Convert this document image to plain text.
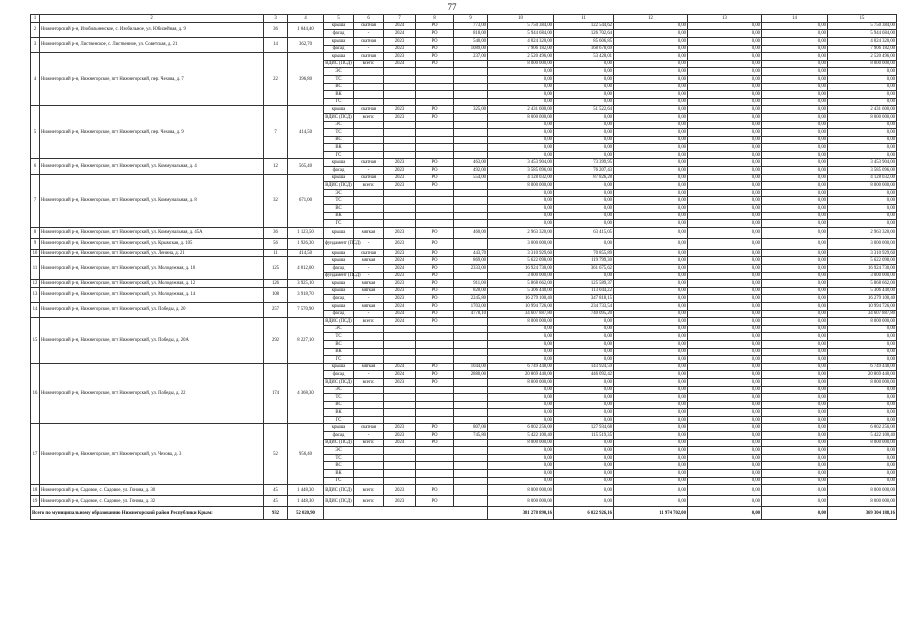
77
1	2	3	4	5	6	7	8	9	10	11	12	13	14	15
2	Нижнегорский р-н, Изобильненское, с. Изобильное, ул. Юбилейная, д. 9	36	1 044,40	крыша	скатная	2024	РО	773,00	5 750 384,00	122 544,62	0,00	0,00	0,00	5 750 384,00
				фасад	-	2024	РО	818,00	5 944 684,00	126 702,64	0,00	0,00	0,00	5 944 684,00
3	Нижнегорский р-н, Лиственское, с. Лиственное, ул. Советская, д. 21	14	362,70	крыша	скатная	2023	РО	540,00	4 024 320,00	85 606,85	0,00	0,00	0,00	4 024 320,00
				фасад	-	2023	РО	1089,00	7 906 182,00	168 678,69	0,00	0,00	0,00	7 906 182,00
4	Нижнегорский р-н, Нижнегорское, пгт Нижнегорский, пер. Чехова, д. 7	22	396,80	крыша	скатная	2023	РО	237,00	2 520 496,00	53 428,01	0,00	0,00	0,00	2 520 496,00
				ВДИС (ПСД)	всего:	2024	РО		8 000 000,00	0,00	0,00	0,00	0,00	8 000 000,00
				ЭС					0,00	0,00	0,00	0,00	0,00	0,00
				ТС					0,00	0,00	0,00	0,00	0,00	0,00
				ВС					0,00	0,00	0,00	0,00	0,00	0,00
				ВК					0,00	0,00	0,00	0,00	0,00	0,00
				ГС					0,00	0,00	0,00	0,00	0,00	0,00
5	Нижнегорский р-н, Нижнегорское, пгт Нижнегорский, пер. Чехова, д. 9	7	414,50	крыша	скатная	2023	РО	325,00	2 431 600,00	51 522,64	0,00	0,00	0,00	2 431 600,00
				ВДИС (ПСД)	всего:	2023	РО		8 000 000,00	0,00	0,00	0,00	0,00	8 000 000,00
				ЭС					0,00	0,00	0,00	0,00	0,00	0,00
				ТС					0,00	0,00	0,00	0,00	0,00	0,00
				ВС					0,00	0,00	0,00	0,00	0,00	0,00
				ВК					0,00	0,00	0,00	0,00	0,00	0,00
				ГС					0,00	0,00	0,00	0,00	0,00	0,00
6	Нижнегорский р-н, Нижнегорское, пгт Нижнегорский, ул. Коммунальная, д. 4	12	565,40	крыша	скатная	2023	РО	463,00	3 453 904,00	73 399,95	0,00	0,00	0,00	3 453 904,00
				фасад	-	2023	РО	492,00	3 585 096,00	76 207,43	0,00	0,00	0,00	3 585 096,00
7	Нижнегорский р-н, Нижнегорское, пгт Нижнегорский, ул. Коммунальная, д. 8	32	671,00	крыша	скатная	2023	РО	554,00	4 128 032,00	87 826,28	0,00	0,00	0,00	4 128 032,00
				ВДИС (ПСД)	всего:	2023	РО		8 000 000,00	0,00	0,00	0,00	0,00	8 000 000,00
				ЭС					0,00	0,00	0,00	0,00	0,00	0,00
				ТС					0,00	0,00	0,00	0,00	0,00	0,00
				ВС					0,00	0,00	0,00	0,00	0,00	0,00
				ВК					0,00	0,00	0,00	0,00	0,00	0,00
				ГС					0,00	0,00	0,00	0,00	0,00	0,00
8	Нижнегорский р-н, Нижнегорское, пгт Нижнегорский, ул. Коммунальная, д. 45А	36	1 123,50	крыша	мягкая	2023	РО	460,00	2 963 320,00	63 415,05	0,00	0,00	0,00	2 963 320,00
9	Нижнегорский р-н, Нижнегорское, пгт Нижнегорский, ул. Крымская, д. 105	56	1 926,30	фундамент (ПСД)	-	2023	РО		3 000 000,00	0,00	0,00	0,00	0,00	3 000 000,00
10	Нижнегорский р-н, Нижнегорское, пгт Нижнегорский, ул. Ленина, д. 21	11	414,50	крыша	скатная	2023	РО	443,70	3 310 929,60	70 855,89	0,00	0,00	0,00	3 310 929,60
11	Нижнегорский р-н, Нижнегорское, пгт Нижнегорский, ул. Молодежная, д. 10	125	4 012,00	крыша	мягкая	2024	РО	869,00	5 622 098,00	119 799,30	0,00	0,00	0,00	5 622 098,00
				фасад	-	2024	РО	2333,00	16 924 730,00	361 675,62	0,00	0,00	0,00	16 924 730,00
				фундамент (ПСД)	-	2023	РО		3 000 000,00	0,00	0,00	0,00	0,00	3 000 000,00
12	Нижнегорский р-н, Нижнегорское, пгт Нижнегорский, ул. Молодежная, д. 12	126	3 925,10	крыша	мягкая	2023	РО	911,00	5 868 662,00	125 589,37	0,00	0,00	0,00	5 868 662,00
13	Нижнегорский р-н, Нижнегорское, пгт Нижнегорский, ул. Молодежная, д. 14	108	3 918,70	крыша	мягкая	2023	РО	820,00	5 306 440,00	113 044,22	0,00	0,00	0,00	5 306 440,00
				фасад	-	2023	РО	2245,80	16 279 100,40	347 818,15	0,00	0,00	0,00	16 279 100,40
14	Нижнегорский р-н, Нижнегорское, пгт Нижнегорский, ул. Победы, д. 20	257	7 570,90	крыша	мягкая	2024	РО	1703,00	10 994 726,00	234 733,54	0,00	0,00	0,00	10 994 726,00
				фасад	-	2024	РО	4778,10	34 607 887,80	740 095,20	0,00	0,00	0,00	34 607 887,80
15	Нижнегорский р-н, Нижнегорское, пгт Нижнегорский, ул. Победы, д. 20А	292	8 227,10	ВДИС (ПСД)	всего:	2024	РО		8 000 000,00	0,00	0,00	0,00	0,00	8 000 000,00
				ЭС					0,00	0,00	0,00	0,00	0,00	0,00
				ТС					0,00	0,00	0,00	0,00	0,00	0,00
				ВС					0,00	0,00	0,00	0,00	0,00	0,00
				ВК					0,00	0,00	0,00	0,00	0,00	0,00
				ГС					0,00	0,00	0,00	0,00	0,00	0,00
16	Нижнегорский р-н, Нижнегорское, пгт Нижнегорский, ул. Победы, д. 22	174	4 368,30	крыша	мягкая	2024	РО	1044,00	6 749 448,00	143 924,59	0,00	0,00	0,00	6 749 448,00
				фасад	-	2024	РО	2880,00	20 869 440,00	446 092,42	0,00	0,00	0,00	20 869 440,00
				ВДИС (ПСД)	всего:	2023	РО		8 000 000,00	0,00	0,00	0,00	0,00	8 000 000,00
				ЭС					0,00	0,00	0,00	0,00	0,00	0,00
				ТС					0,00	0,00	0,00	0,00	0,00	0,00
				ВС					0,00	0,00	0,00	0,00	0,00	0,00
				ВК					0,00	0,00	0,00	0,00	0,00	0,00
				ГС					0,00	0,00	0,00	0,00	0,00	0,00
17	Нижнегорский р-н, Нижнегорское, пгт Нижнегорский, ул. Чехова, д. 3	52	956,40	крыша	скатная	2023	РО	807,00	6 002 256,00	127 934,68	0,00	0,00	0,00	6 002 256,00
				фасад	-	2023	РО	745,80	5 422 100,40	115 519,35	0,00	0,00	0,00	5 422 100,40
				ВДИС (ПСД)	всего:	2024	РО		8 000 000,00	0,00	0,00	0,00	0,00	8 000 000,00
				ЭС					0,00	0,00	0,00	0,00	0,00	0,00
				ТС					0,00	0,00	0,00	0,00	0,00	0,00
				ВС					0,00	0,00	0,00	0,00	0,00	0,00
				ВК					0,00	0,00	0,00	0,00	0,00	0,00
				ГС					0,00	0,00	0,00	0,00	0,00	0,00
18	Нижнегорский р-н, Садовое, с. Садовое, ул. Гонова, д. 30	45	1 448,30	ВДИС (ПСД)	всего:	2023	РО		8 000 000,00	0,00	0,00	0,00	0,00	8 000 000,00
19	Нижнегорский р-н, Садовое, с. Садовое, ул. Гонова, д. 32	45	1 448,30	ВДИС (ПСД)	всего:	2023	РО		8 000 000,00	0,00	0,00	0,00	0,00	8 000 000,00
Всего по муниципальному образованию Нижнегорский район Республики Крым:		932	52 020,90						381 278 890,16	6 022 926,16	11 974 702,00	0,00	0,00	369 304 188,16
